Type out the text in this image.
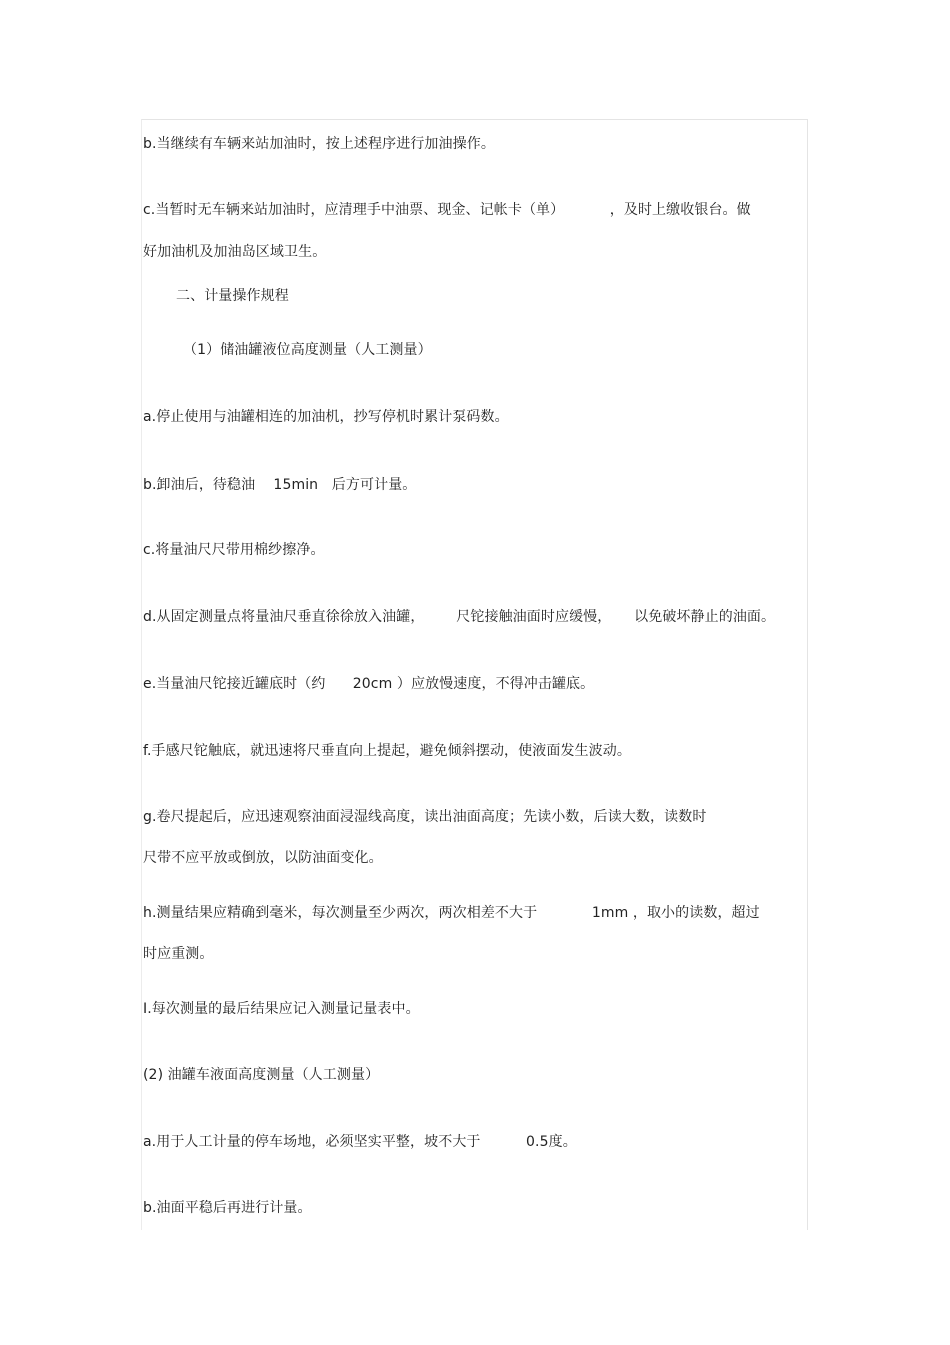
b.当继续有车辆来站加油时，按上述程序进行加油操作。
c.当暂时无车辆来站加油时，应清理手中油票、现金、记帐卡（单）          ，及时上缴收银台。做
好加油机及加油岛区域卫生。
二、计量操作规程
（1）储油罐液位高度测量（人工测量）
a.停止使用与油罐相连的加油机，抄写停机时累计泵码数。
b.卸油后，待稳油    15min   后方可计量。
c.将量油尺尺带用棉纱擦净。
d.从固定测量点将量油尺垂直徐徐放入油罐，       尺铊接触油面时应缓慢，     以免破坏静止的油面。
e.当量油尺铊接近罐底时（约      20cm ）应放慢速度，不得冲击罐底。
f.手感尺铊触底，就迅速将尺垂直向上提起，避免倾斜摆动，使液面发生波动。
g.卷尺提起后，应迅速观察油面浸湿线高度，读出油面高度；先读小数，后读大数，读数时
尺带不应平放或倒放，以防油面变化。
h.测量结果应精确到毫米，每次测量至少两次，两次相差不大于            1mm ，取小的读数，超过
时应重测。
I.每次测量的最后结果应记入测量记量表中。
(2) 油罐车液面高度测量（人工测量）
a.用于人工计量的停车场地，必须坚实平整，坡不大于          0.5度。
b.油面平稳后再进行计量。
